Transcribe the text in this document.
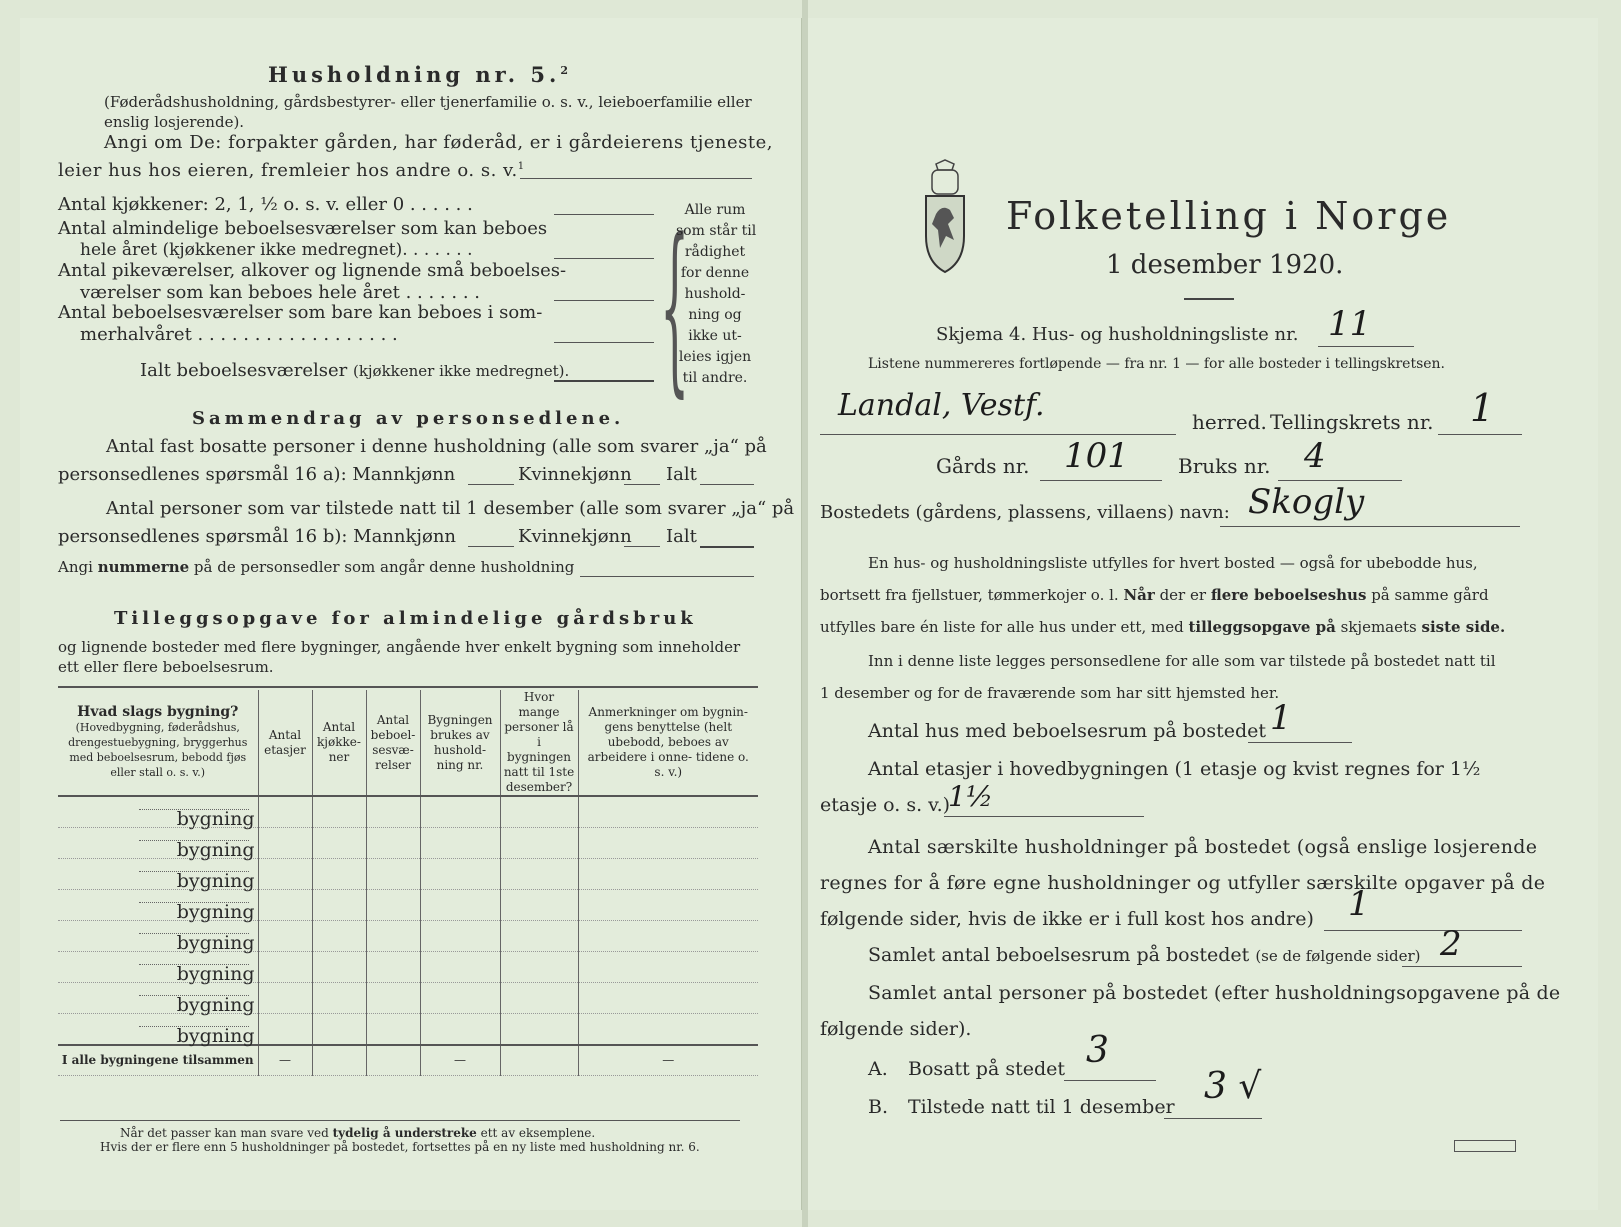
Husholdning nr. 5.$^2$
(Føderådshusholdning, gårdsbestyrer- eller tjenerfamilie o. s. v., leieboerfamilie eller enslig losjerende).
Angi om De: forpakter gården, har føderåd, er i gårdeierens tjeneste,
leier hus hos eieren, fremleier hos andre o. s. v.$^1$
Antal kjøkkener: 2, 1, ½ o. s. v. eller 0 . . . . . .
Antal almindelige beboelsesværelser som kan beboes
hele året (kjøkkener ikke medregnet). . . . . . .
Antal pikeværelser, alkover og lignende små beboelses-
værelser som kan beboes hele året . . . . . . .
Antal beboelsesværelser som bare kan beboes i som-
merhalvåret . . . . . . . . . . . . . . . . . .
Ialt beboelsesværelser (kjøkkener ikke medregnet). {
Alle rum
som står til
rådighet
for denne
hushold-
ning og
ikke ut-
leies igjen
til andre.
Sammendrag av personsedlene.
Antal fast bosatte personer i denne husholdning (alle som svarer „ja“ på
personsedlenes spørsmål 16 a): Mannkjønn	Kvinnekjønn Ialt
Antal personer som var tilstede natt til 1 desember (alle som svarer „ja“ på
personsedlenes spørsmål 16 b): Mannkjønn	Kvinnekjønn Ialt
Angi nummerne på de personsedler som angår denne husholdning
Tilleggsopgave for almindelige gårdsbruk
og lignende bosteder med flere bygninger, angående hver enkelt bygning som inneholder
ett eller flere beboelsesrum.
Hvad slags bygning?
(Hovedbygning, føderådshus, drengestuebygning, bryggerhus med beboelsesrum, bebodd fjøs eller stall o. s. v.)	Antal etasjer	Antal kjøkke- ner	Antal beboel- sesvæ- relser	Bygningen brukes av hushold- ning nr.	Hvor mange personer lå i bygningen natt til 1ste desember?	Anmerkninger om bygnin- gens benyttelse (helt ubebodd, beboes av arbeidere i onne- tidene o. s. v.)
bygning						
bygning						
bygning						
bygning						
bygning						
bygning						
bygning						
bygning						
I alle bygningene tilsammen	—			—		—
Når det passer kan man svare ved tydelig å understreke ett av eksemplene.
Hvis der er flere enn 5 husholdninger på bostedet, fortsettes på en ny liste med husholdning nr. 6.
Folketelling i Norge
1 desember 1920.
Skjema 4. Hus- og husholdningsliste nr. 11
Listene nummereres fortløpende — fra nr. 1 — for alle bosteder i tellingskretsen.
Landal, Vestf.	herred. Tellingskrets nr. 1
Gårds nr. 101 Bruks nr. 4
Bostedets (gårdens, plassens, villaens) navn: Skogly
En hus- og husholdningsliste utfylles for hvert bosted — også for ubebodde hus,
bortsett fra fjellstuer, tømmerkojer o. l. Når der er flere beboelseshus på samme gård
utfylles bare én liste for alle hus under ett, med tilleggsopgave på skjemaets siste side.
Inn i denne liste legges personsedlene for alle som var tilstede på bostedet natt til
1 desember og for de fraværende som har sitt hjemsted her.
Antal hus med beboelsesrum på bostedet 1
Antal etasjer i hovedbygningen (1 etasje og kvist regnes for 1½
etasje o. s. v.)
1½
Antal særskilte husholdninger på bostedet (også enslige losjerende
regnes for å føre egne husholdninger og utfyller særskilte opgaver på de
følgende sider, hvis de ikke er i full kost hos andre) 1
Samlet antal beboelsesrum på bostedet (se de følgende sider) 2
Samlet antal personer på bostedet (efter husholdningsopgavene på de
følgende sider).
A. Bosatt på stedet 3
B. Tilstede natt til 1 desember 3 √
